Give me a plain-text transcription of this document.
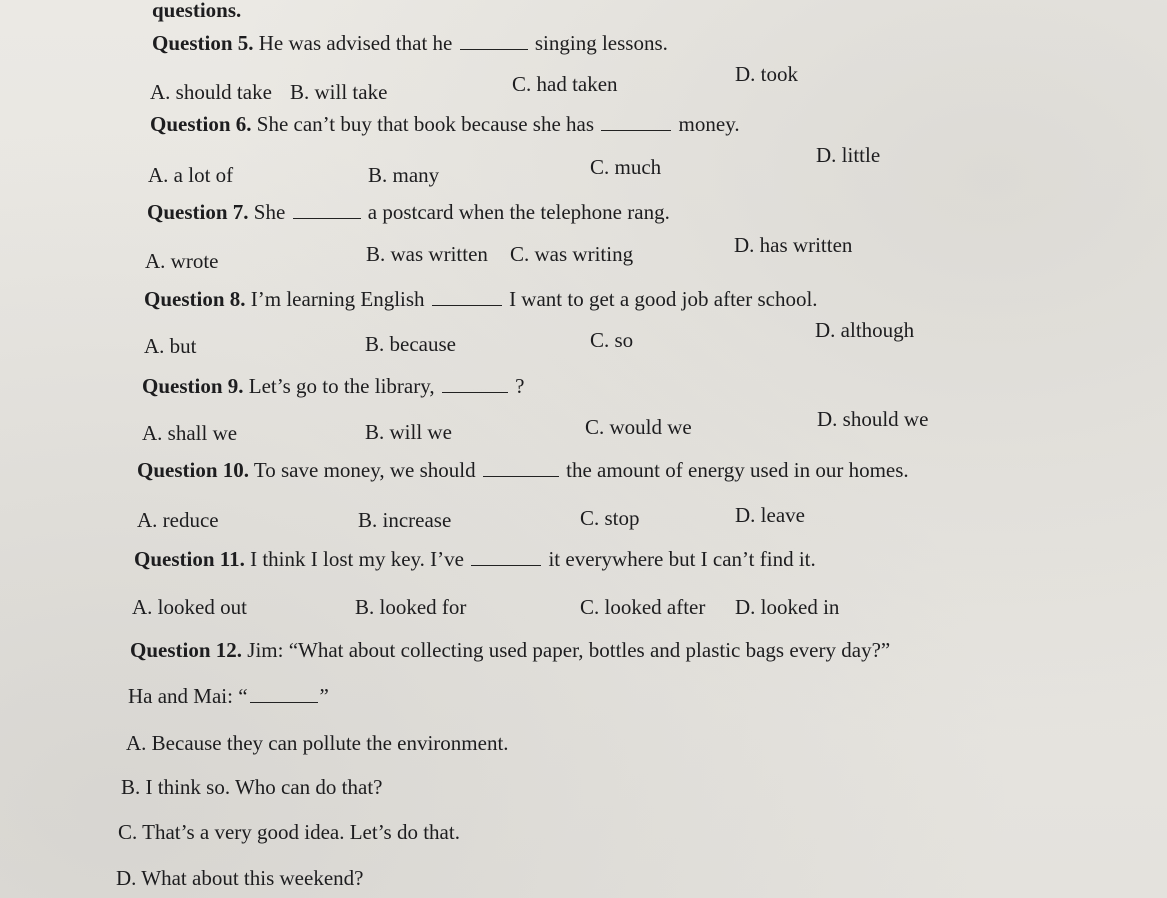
questions.
Question 5. He was advised that he	singing lessons.
A. should take B. will take	C. had taken	D. took
Question 6. She can’t buy that book because she has	money.
A. a lot of	B. many	C. much	D. little
Question 7. She	a postcard when the telephone rang.
A. wrote	B. was written C. was writing	D. has written
Question 8. I’m learning English	I want to get a good job after school.
A. but	B. because	C. so	D. although
Question 9. Let’s go to the library,	?
A. shall we	B. will we	C. would we	D. should we
Question 10. To save money, we should	the amount of energy used in our homes.
A. reduce	B. increase	C. stop	D. leave
Question 11. I think I lost my key. I’ve	it everywhere but I can’t find it.
A. looked out	B. looked for	C. looked after D. looked in
Question 12. Jim: “What about collecting used paper, bottles and plastic bags every day?”
Ha and Mai: “	”
A. Because they can pollute the environment.
B. I think so. Who can do that?
C. That’s a very good idea. Let’s do that.
D. What about this weekend?
